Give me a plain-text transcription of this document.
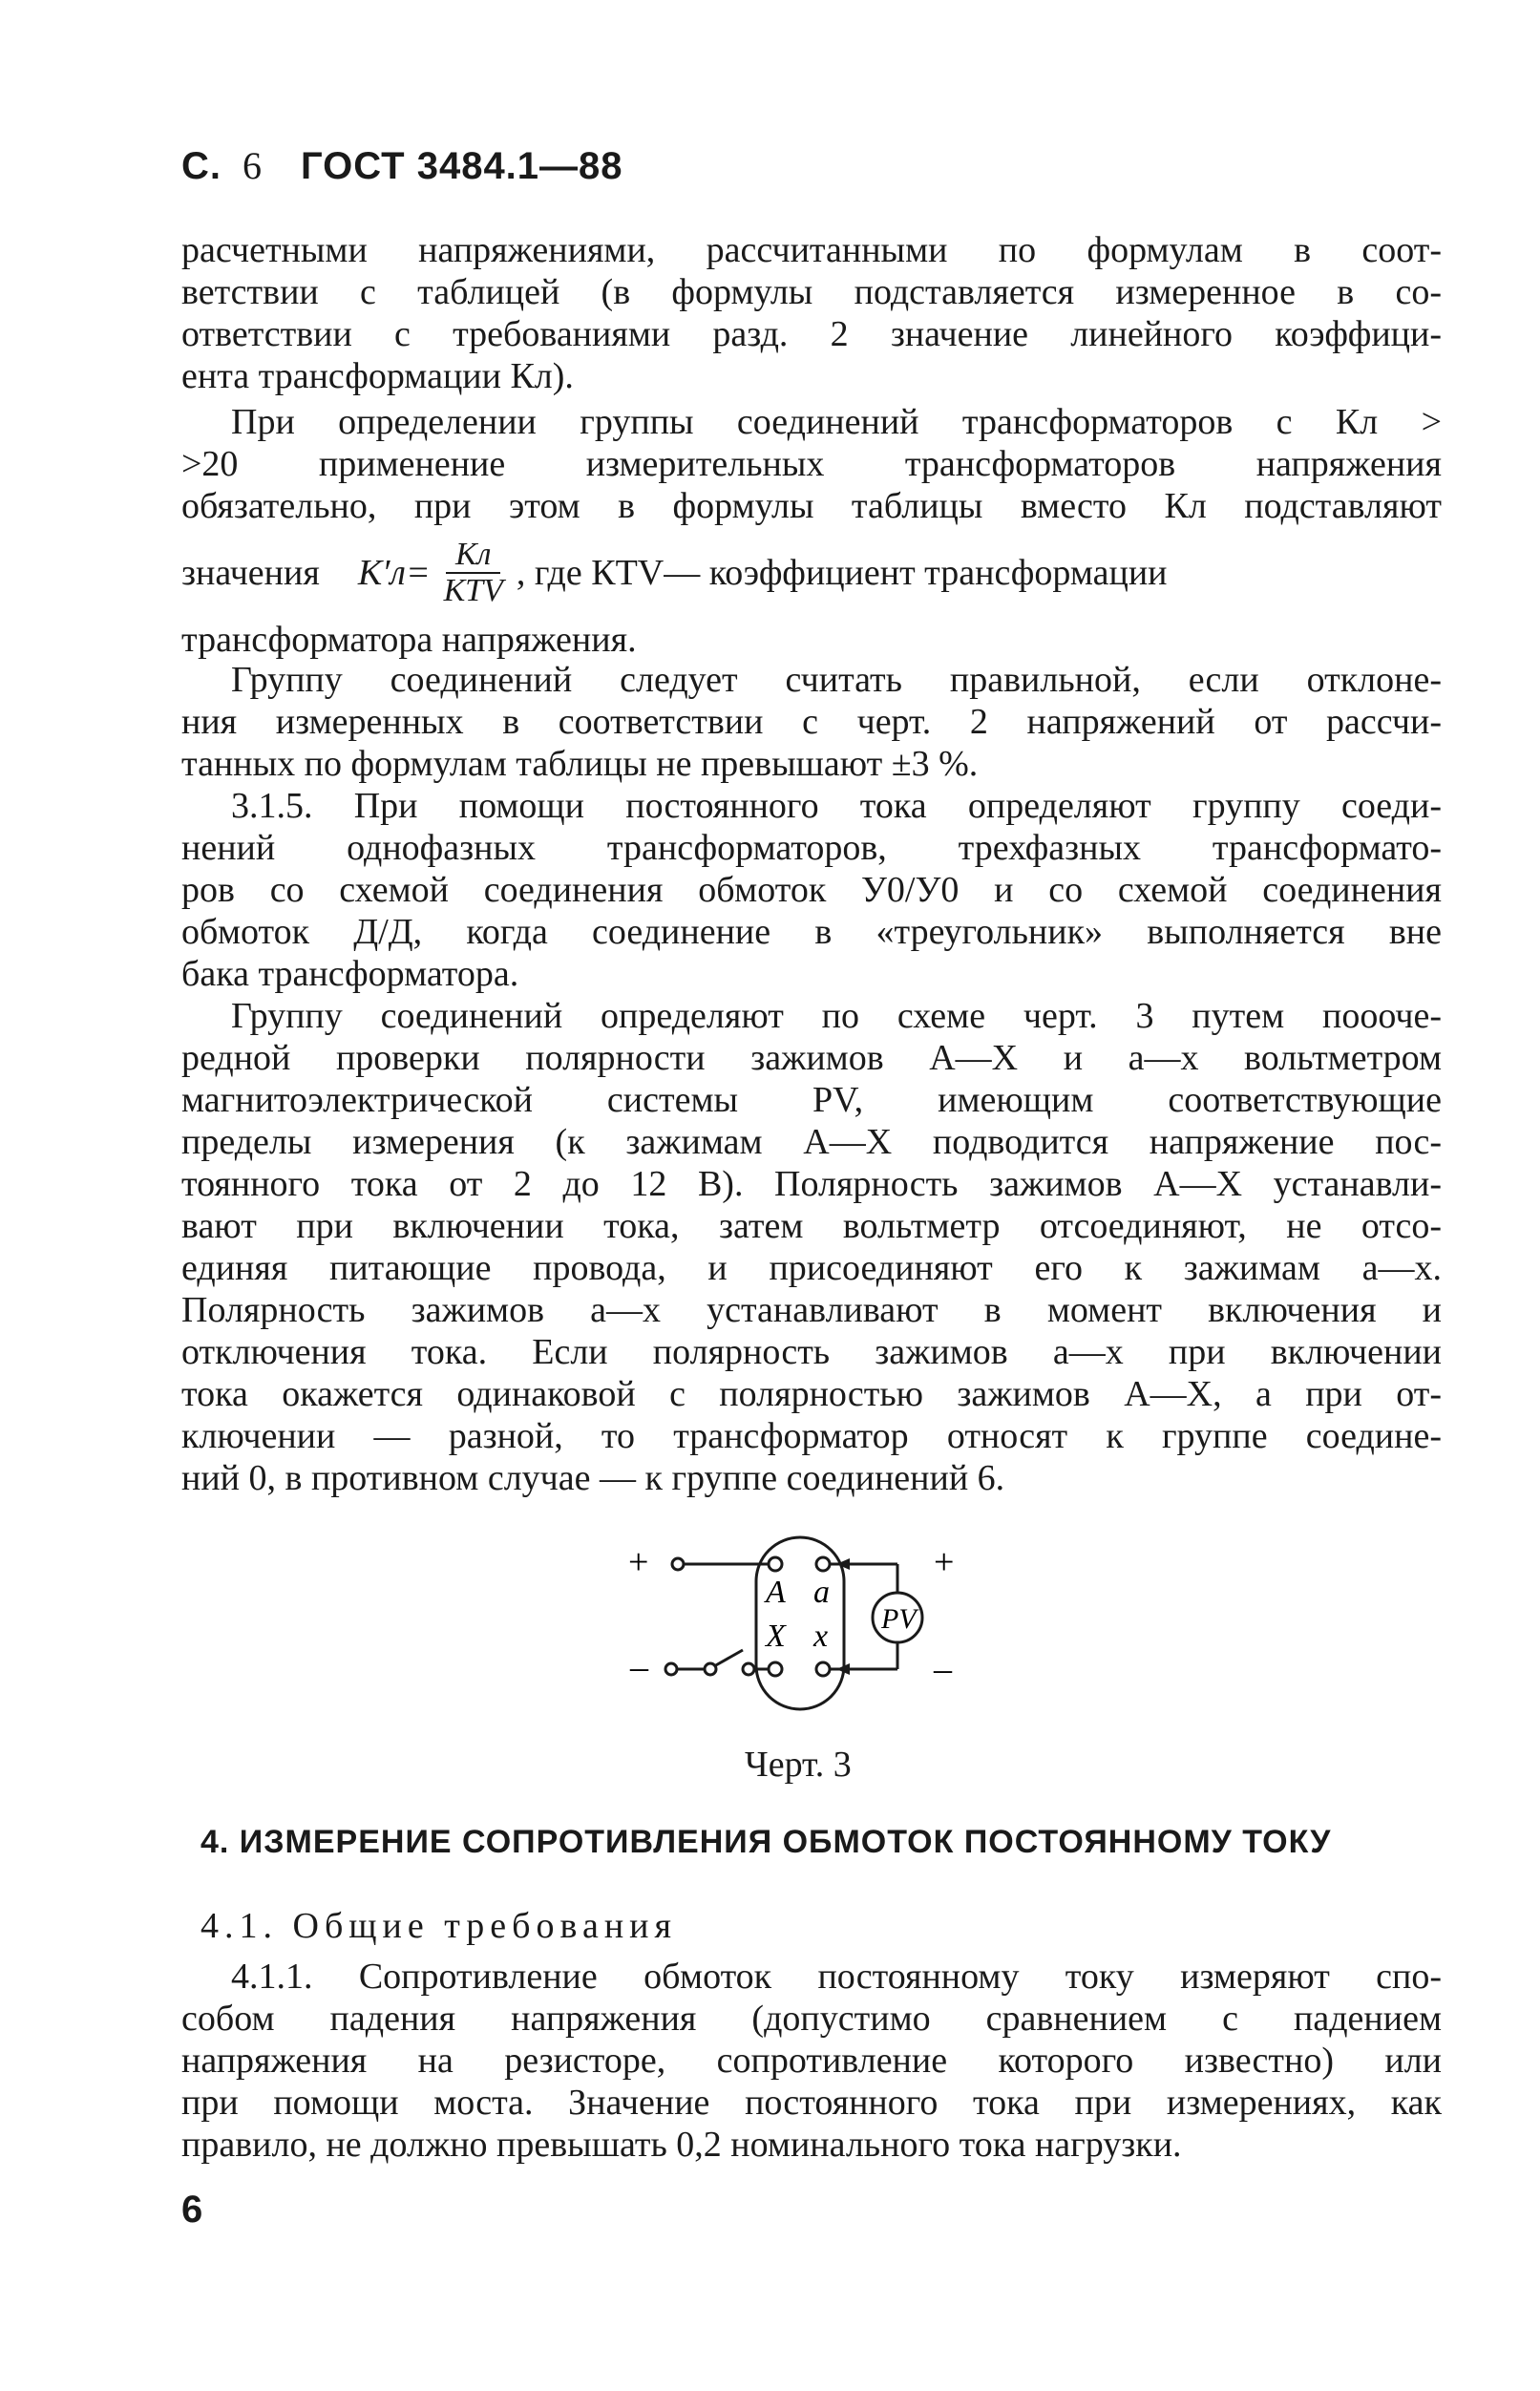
С. 6 ГОСТ 3484.1—88
расчетными напряжениями, рассчитанными по формулам в соот-
ветствии с таблицей (в формулы подставляется измеренное в со-
ответствии с требованиями разд. 2 значение линейного коэффици-
ента трансформации Кл).
При определении группы соединений трансформаторов с Кл >
>20 применение измерительных трансформаторов напряжения
обязательно, при этом в формулы таблицы вместо Кл подставляют
значения $К'л= \frac{Кл}{\text{КTV}}$ , где КTV— коэффициент трансформации
трансформатора напряжения.
Группу соединений следует считать правильной, если отклоне-
ния измеренных в соответствии с черт. 2 напряжений от рассчи-
танных по формулам таблицы не превышают ±3 %.
3.1.5. При помощи постоянного тока определяют группу соеди-
нений однофазных трансформаторов, трехфазных трансформато-
ров со схемой соединения обмоток У0/У0 и со схемой соединения
обмоток Д/Д, когда соединение в «треугольник» выполняется вне
бака трансформатора.
Группу соединений определяют по схеме черт. 3 путем поооче-
редной проверки полярности зажимов А—Х и а—х вольтметром
магнитоэлектрической системы PV, имеющим соответствующие
пределы измерения (к зажимам А—Х подводится напряжение пос-
тоянного тока от 2 до 12 В). Полярность зажимов А—Х устанавли-
вают при включении тока, затем вольтметр отсоединяют, не отсо-
единяя питающие провода, и присоединяют его к зажимам а—х.
Полярность зажимов а—х устанавливают в момент включения и
отключения тока. Если полярность зажимов а—х при включении
тока окажется одинаковой с полярностью зажимов А—Х, а при от-
ключении — разной, то трансформатор относят к группе соедине-
ний 0, в противном случае — к группе соединений 6.
+
–
A a
X x PV
+
–
Черт. 3
4. ИЗМЕРЕНИЕ СОПРОТИВЛЕНИЯ ОБМОТОК ПОСТОЯННОМУ ТОКУ
4.1. Общие требования
4.1.1. Сопротивление обмоток постоянному току измеряют спо-
собом падения напряжения (допустимо сравнением с падением
напряжения на резисторе, сопротивление которого известно) или
при помощи моста. Значение постоянного тока при измерениях, как
правило, не должно превышать 0,2 номинального тока нагрузки.
6
